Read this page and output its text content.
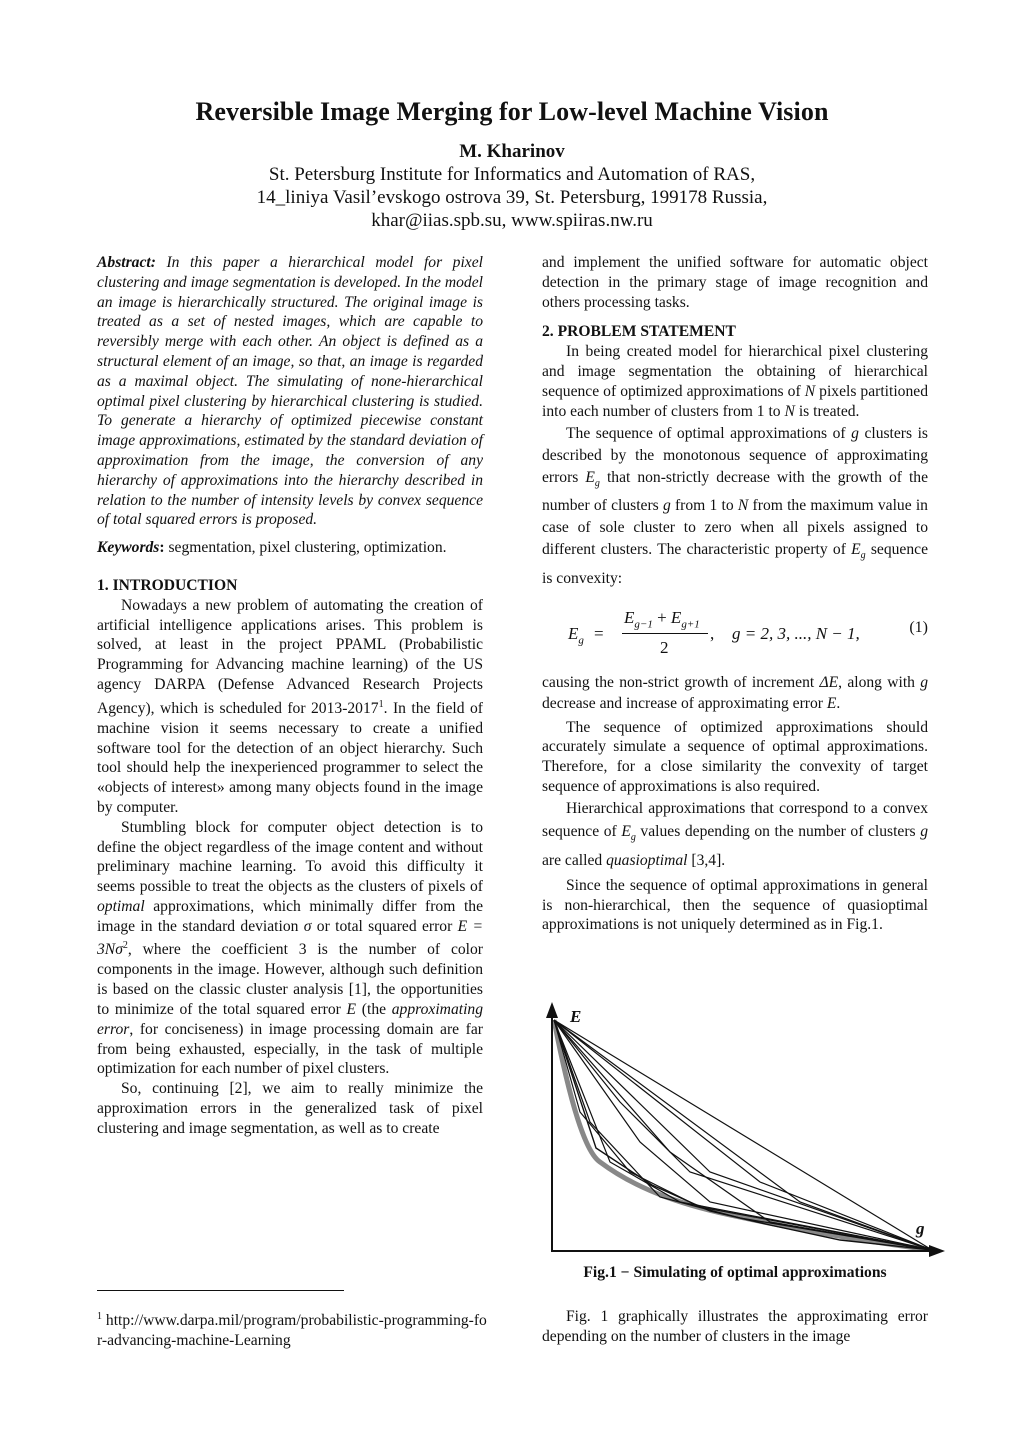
Reversible Image Merging for Low-level Machine Vision
M. Kharinov
St. Petersburg Institute for Informatics and Automation of RAS,
14_liniya Vasil’evskogo ostrova 39, St. Petersburg, 199178 Russia,
khar@iias.spb.su, www.spiiras.nw.ru

Abstract: In this paper a hierarchical model for pixel clustering and image segmentation is developed. In the model an image is hierarchically structured. The original image is treated as a set of nested images, which are capable to reversibly merge with each other. An object is defined as a structural element of an image, so that, an image is regarded as a maximal object. The simulating of none-hierarchical optimal pixel clustering by hierarchical clustering is studied. To generate a hierarchy of optimized piecewise constant image approximations, estimated by the standard deviation of approximation from the image, the conversion of any hierarchy of approximations into the hierarchy described in relation to the number of intensity levels by convex sequence of total squared errors is proposed.

Keywords: segmentation, pixel clustering, optimization.

1. INTRODUCTION

Nowadays a new problem of automating the creation of artificial intelligence applications arises. This problem is solved, at least in the project PPAML (Probabilistic Programming for Advancing machine learning) of the US agency DARPA (Defense Advanced Research Projects Agency), which is scheduled for 2013-2017$^1$. In the field of machine vision it seems necessary to create a unified software tool for the detection of an object hierarchy. Such tool should help the inexperienced programmer to select the «objects of interest» among many objects found in the image by computer.

Stumbling block for computer object detection is to define the object regardless of the image content and without preliminary machine learning. To avoid this difficulty it seems possible to treat the objects as the clusters of pixels of optimal approximations, which minimally differ from the image in the standard deviation σ or total squared error $E = 3N\sigma^2$, where the coefficient 3 is the number of color components in the image. However, although such definition is based on the classic cluster analysis [1], the opportunities to minimize of the total squared error E (the approximating error, for conciseness) in image processing domain are far from being exhausted, especially, in the task of multiple optimization for each number of pixel clusters.

So, continuing [2], we aim to really minimize the approximation errors in the generalized task of pixel clustering and image segmentation, as well as to create

$^1$ http://www.darpa.mil/program/probabilistic-programming-for-advancing-machine-Learning

and implement the unified software for automatic object detection in the primary stage of image recognition and others processing tasks.

2. PROBLEM STATEMENT

In being created model for hierarchical pixel clustering and image segmentation the obtaining of hierarchical sequence of optimized approximations of N pixels partitioned into each number of clusters from 1 to N is treated.

The sequence of optimal approximations of g clusters is described by the monotonous sequence of approximating errors $E_g$ that non-strictly decrease with the growth of the number of clusters g from 1 to N from the maximum value in case of sole cluster to zero when all pixels assigned to different clusters. The characteristic property of $E_g$ sequence is convexity:

$E_g$ =
$E_{g-1} + E_{g+1}$
2
, g = 2, 3, ..., N − 1,	(1)

causing the non-strict growth of increment ΔE, along with g decrease and increase of approximating error E.

The sequence of optimized approximations should accurately simulate a sequence of optimal approximations. Therefore, for a close similarity the convexity of target sequence of approximations is also required.

Hierarchical approximations that correspond to a convex sequence of $E_g$ values depending on the number of clusters g are called quasioptimal [3,4].

Since the sequence of optimal approximations in general is non-hierarchical, then the sequence of quasioptimal approximations is not uniquely determined as in Fig.1.

E
g
Fig.1 − Simulating of optimal approximations
Fig. 1 graphically illustrates the approximating error depending on the number of clusters in the image
